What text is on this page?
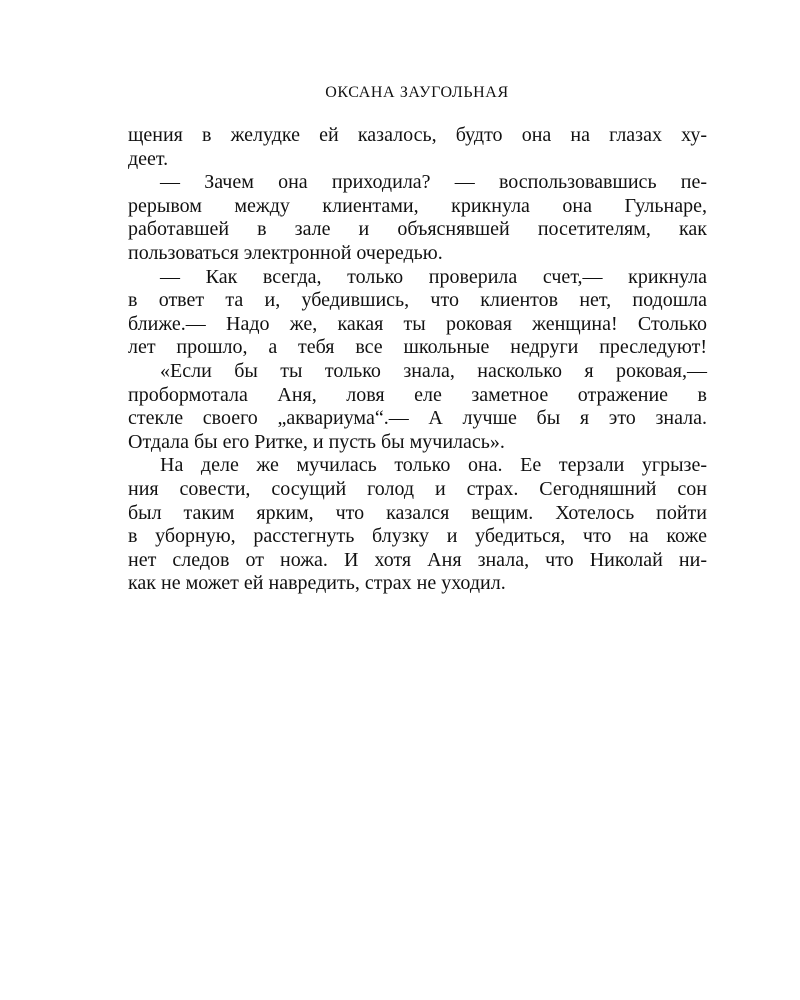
ОКСАНА ЗАУГОЛЬНАЯ

щения в желудке ей казалось, будто она на глазах ху-
деет.
— Зачем она приходила? — воспользовавшись пе-
рерывом между клиентами, крикнула она Гульнаре,
работавшей в зале и объяснявшей посетителям, как
пользоваться электронной очередью.
— Как всегда, только проверила счет,— крикнула
в ответ та и, убедившись, что клиентов нет, подошла
ближе.— Надо же, какая ты роковая женщина! Столько
лет прошло, а тебя все школьные недруги преследуют!
«Если бы ты только знала, насколько я роковая,—
пробормотала Аня, ловя еле заметное отражение в
стекле своего „аквариума“.— А лучше бы я это знала.
Отдала бы его Ритке, и пусть бы мучилась».
На деле же мучилась только она. Ее терзали угрызе-
ния совести, сосущий голод и страх. Сегодняшний сон
был таким ярким, что казался вещим. Хотелось пойти
в уборную, расстегнуть блузку и убедиться, что на коже
нет следов от ножа. И хотя Аня знала, что Николай ни-
как не может ей навредить, страх не уходил.
